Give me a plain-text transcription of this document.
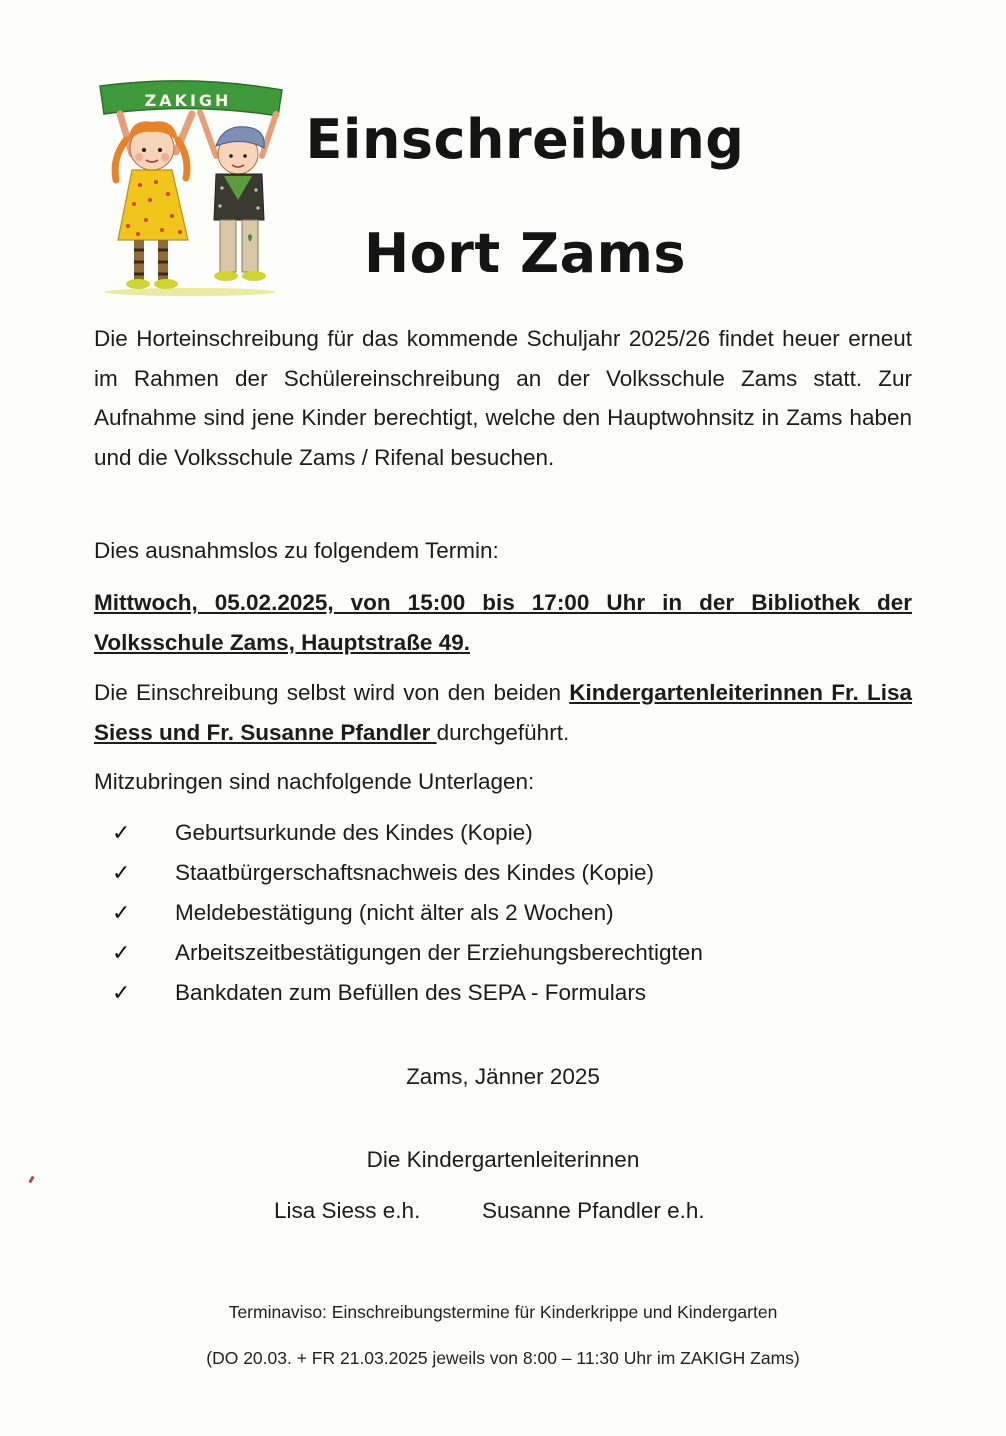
ZAKIGH
Einschreibung
Hort Zams
Die Horteinschreibung für das kommende Schuljahr 2025/26 findet heuer erneut im Rahmen der Schülereinschreibung an der Volksschule Zams statt. Zur Aufnahme sind jene Kinder berechtigt, welche den Hauptwohnsitz in Zams haben und die Volksschule Zams / Rifenal besuchen.
Dies ausnahmslos zu folgendem Termin:
Mittwoch, 05.02.2025, von 15:00 bis 17:00 Uhr in der Bibliothek der Volksschule Zams, Hauptstraße 49.
Die Einschreibung selbst wird von den beiden Kindergartenleiterinnen Fr. Lisa Siess und Fr. Susanne Pfandler durchgeführt.
Mitzubringen sind nachfolgende Unterlagen:
✓	Geburtsurkunde des Kindes (Kopie)
✓	Staatbürgerschaftsnachweis des Kindes (Kopie)
✓	Meldebestätigung (nicht älter als 2 Wochen)
✓	Arbeitszeitbestätigungen der Erziehungsberechtigten
✓	Bankdaten zum Befüllen des SEPA - Formulars
Zams, Jänner 2025
Die Kindergartenleiterinnen
Lisa Siess e.h.	Susanne Pfandler e.h.
Terminaviso: Einschreibungstermine für Kinderkrippe und Kindergarten
(DO 20.03. + FR 21.03.2025 jeweils von 8:00 – 11:30 Uhr im ZAKIGH Zams)
